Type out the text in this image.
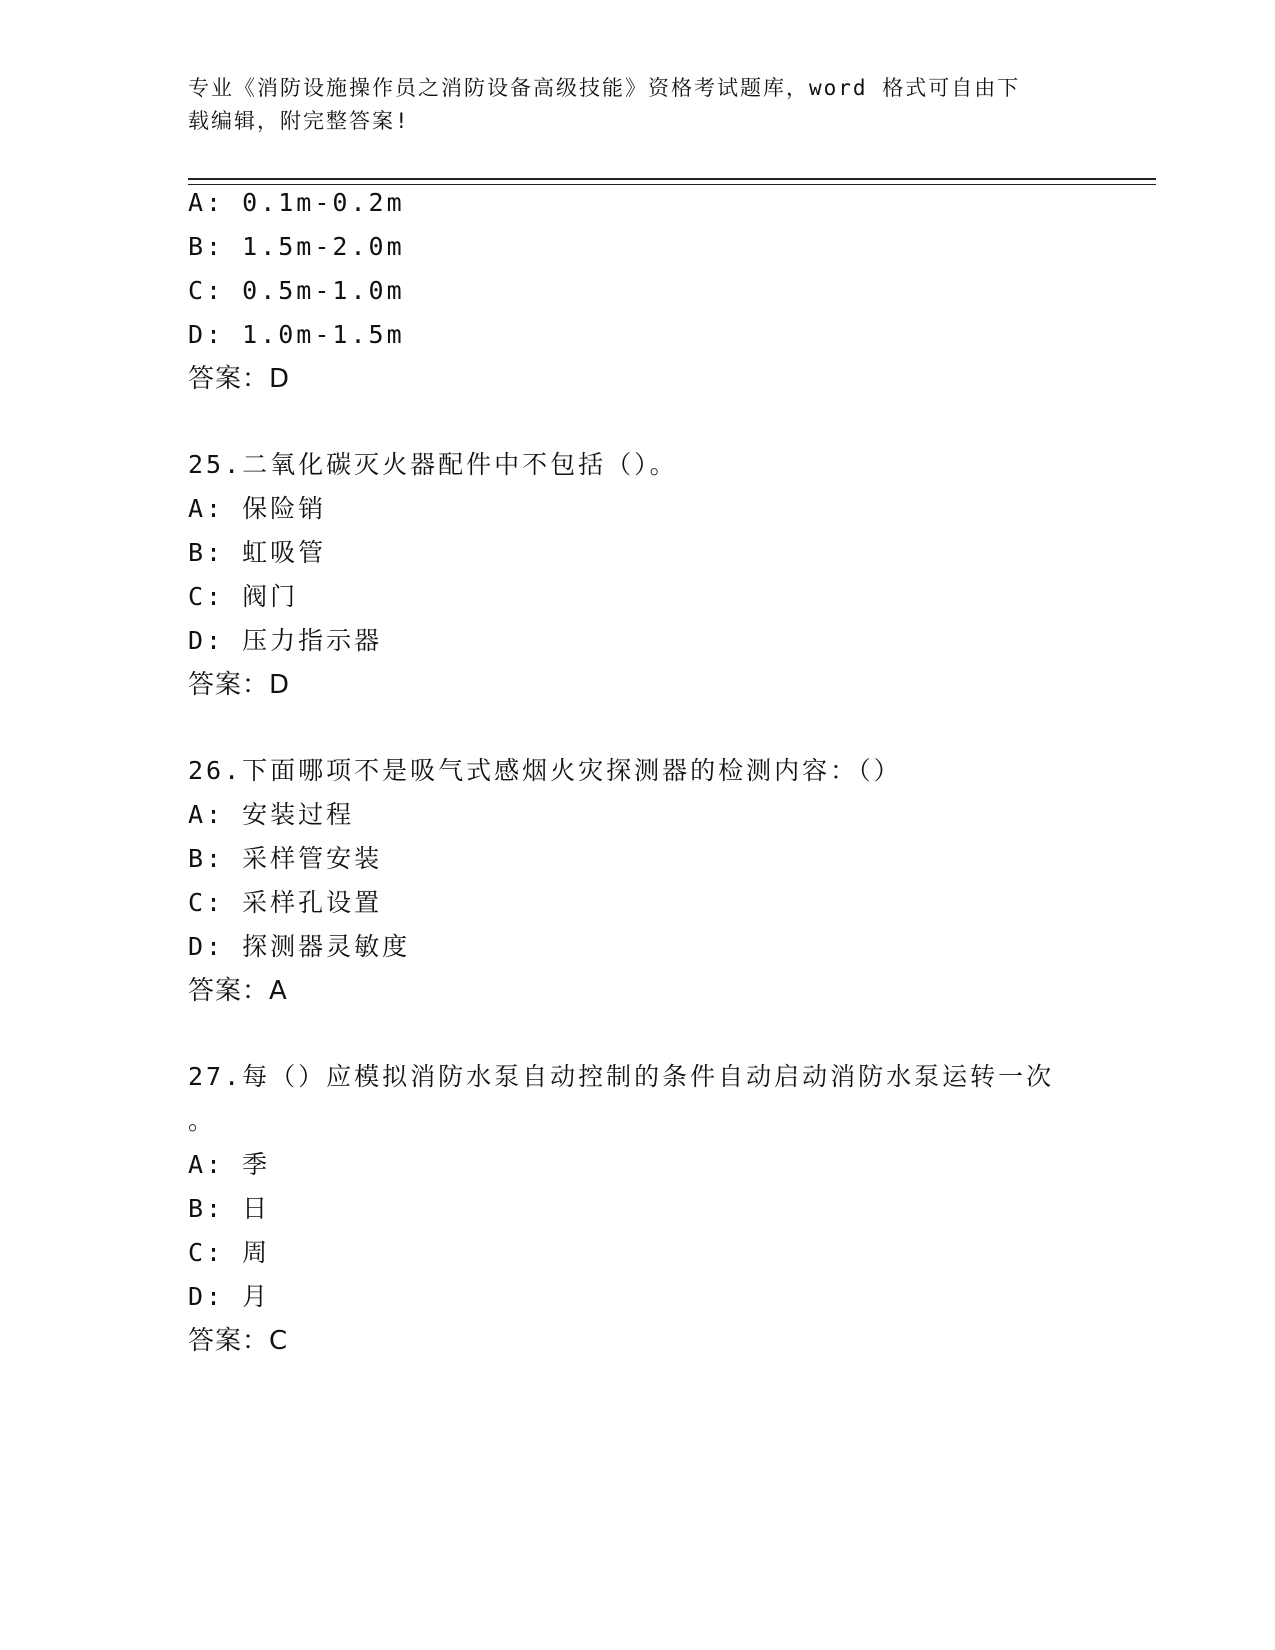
专业《消防设施操作员之消防设备高级技能》资格考试题库，word 格式可自由下
载编辑，附完整答案!
A: 0.1m-0.2m
B: 1.5m-2.0m
C: 0.5m-1.0m
D: 1.0m-1.5m
答案：D
25.二氧化碳灭火器配件中不包括（）。
A: 保险销
B: 虹吸管
C: 阀门
D: 压力指示器
答案：D
26.下面哪项不是吸气式感烟火灾探测器的检测内容：（）
A: 安装过程
B: 采样管安装
C: 采样孔设置
D: 探测器灵敏度
答案：A
27.每（）应模拟消防水泵自动控制的条件自动启动消防水泵运转一次
。
A: 季
B: 日
C: 周
D: 月
答案：C
